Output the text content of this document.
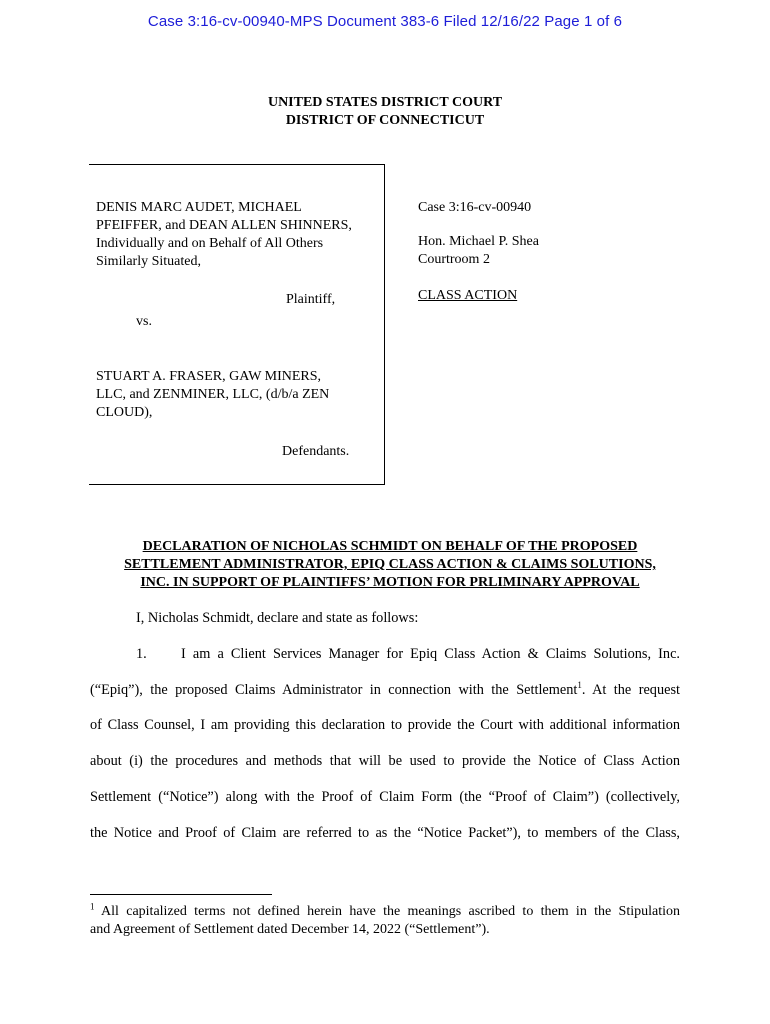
Case 3:16-cv-00940-MPS Document 383-6 Filed 12/16/22 Page 1 of 6
UNITED STATES DISTRICT COURT
DISTRICT OF CONNECTICUT
DENIS MARC AUDET, MICHAEL
PFEIFFER, and DEAN ALLEN SHINNERS,
Individually and on Behalf of All Others
Similarly Situated,
Plaintiff,
vs.
STUART A. FRASER, GAW MINERS,
LLC, and ZENMINER, LLC, (d/b/a ZEN
CLOUD),
Defendants.
Case 3:16-cv-00940
Hon. Michael P. Shea
Courtroom 2
CLASS ACTION
DECLARATION OF NICHOLAS SCHMIDT ON BEHALF OF THE PROPOSED
SETTLEMENT ADMINISTRATOR, EPIQ CLASS ACTION & CLAIMS SOLUTIONS,
INC. IN SUPPORT OF PLAINTIFFS’ MOTION FOR PRLIMINARY APPROVAL
I, Nicholas Schmidt, declare and state as follows:
1. I am a Client Services Manager for Epiq Class Action & Claims Solutions, Inc.
(“Epiq”), the proposed Claims Administrator in connection with the Settlement$^1$. At the request
of Class Counsel, I am providing this declaration to provide the Court with additional information
about (i) the procedures and methods that will be used to provide the Notice of Class Action
Settlement (“Notice”) along with the Proof of Claim Form (the “Proof of Claim”) (collectively,
the Notice and Proof of Claim are referred to as the “Notice Packet”), to members of the Class,
$^1$ All capitalized terms not defined herein have the meanings ascribed to them in the Stipulation
and Agreement of Settlement dated December 14, 2022 (“Settlement”).
